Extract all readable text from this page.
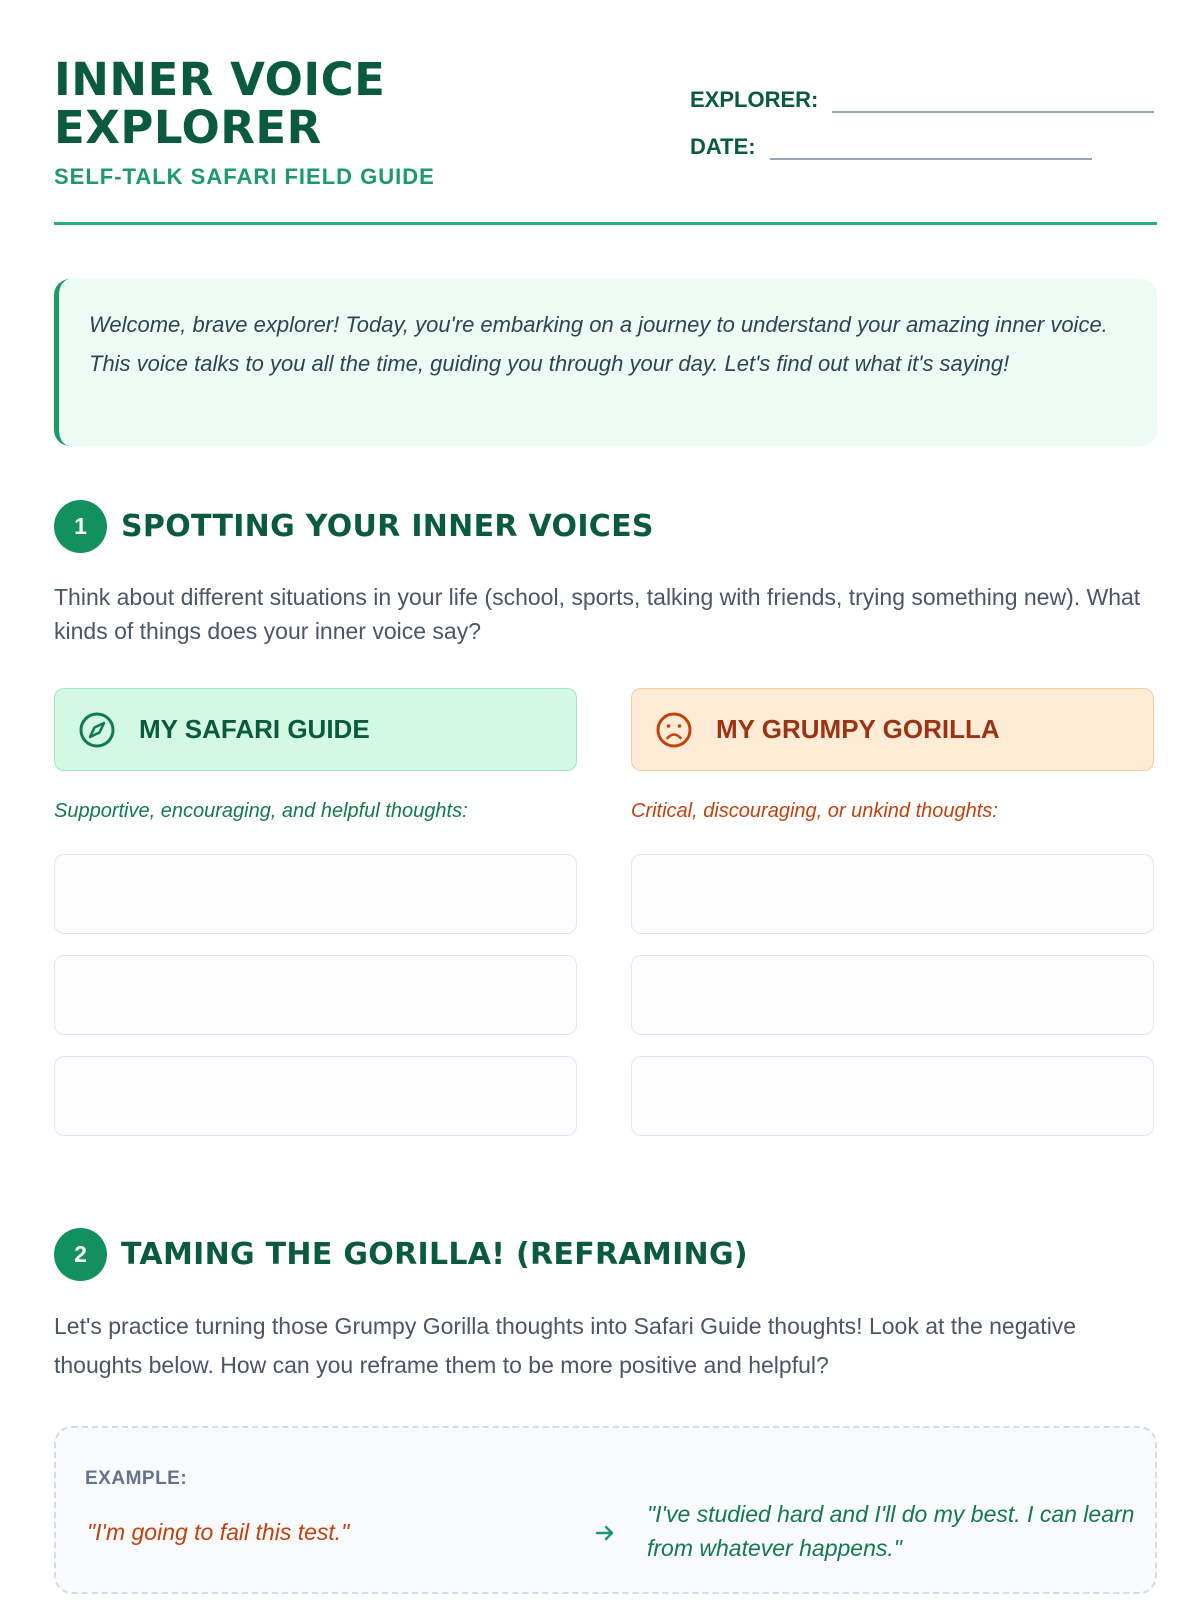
INNER VOICE EXPLORER
SELF-TALK SAFARI FIELD GUIDE
EXPLORER:
DATE:
Welcome, brave explorer! Today, you're embarking on a journey to understand your amazing inner voice. This voice talks to you all the time, guiding you through your day. Let's find out what it's saying!
1	SPOTTING YOUR INNER VOICES
Think about different situations in your life (school, sports, talking with friends, trying something new). What kinds of things does your inner voice say?
MY SAFARI GUIDE	MY GRUMPY GORILLA
Supportive, encouraging, and helpful thoughts:	Critical, discouraging, or unkind thoughts:
2	TAMING THE GORILLA! (REFRAMING)
Let's practice turning those Grumpy Gorilla thoughts into Safari Guide thoughts! Look at the negative thoughts below. How can you reframe them to be more positive and helpful?
EXAMPLE:
"I'm going to fail this test."
"I've studied hard and I'll do my best. I can learn from whatever happens."
